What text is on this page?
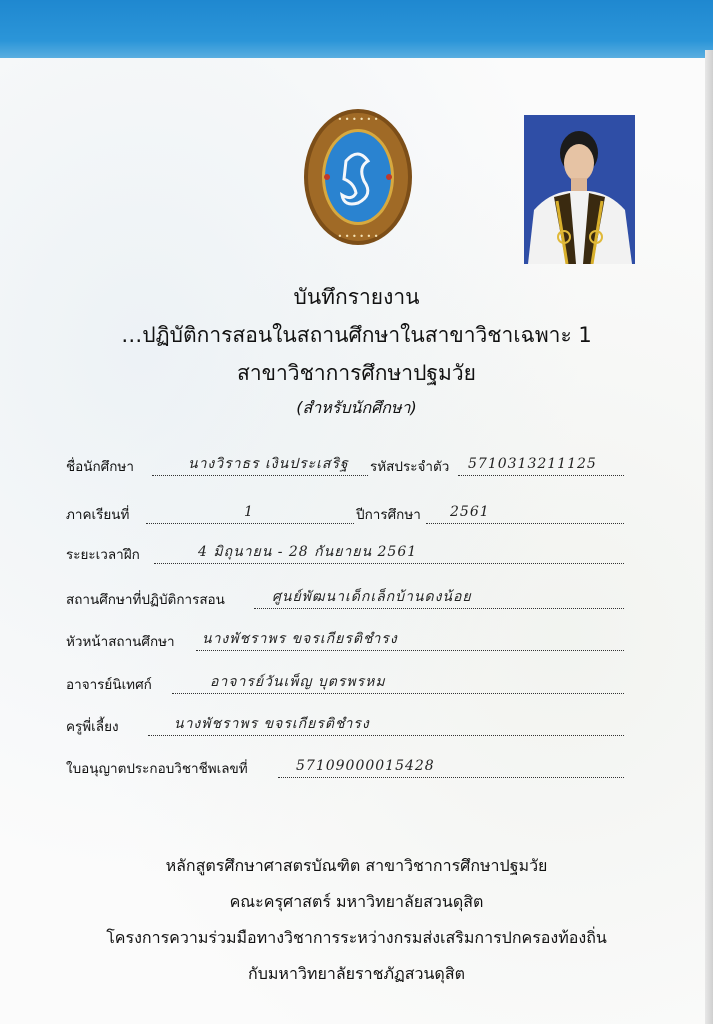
• • • • • •
• • • • • •
บันทึกรายงาน
…ปฏิบัติการสอนในสถานศึกษาในสาขาวิชาเฉพาะ 1
สาขาวิชาการศึกษาปฐมวัย
(สำหรับนักศึกษา)
ชื่อนักศึกษา	นางวิราธร เงินประเสริฐ รหัสประจำตัว 5710313211125
ภาคเรียนที่	1	ปีการศึกษา 2561
ระยะเวลาฝึก	4 มิถุนายน - 28 กันยายน 2561
สถานศึกษาที่ปฏิบัติการสอน	ศูนย์พัฒนาเด็กเล็กบ้านดงน้อย
หัวหน้าสถานศึกษา นางพัชราพร ขจรเกียรติชำรง
อาจารย์นิเทศก์	อาจารย์วันเพ็ญ บุตรพรหม
ครูพี่เลี้ยง	นางพัชราพร ขจรเกียรติชำรง
ใบอนุญาตประกอบวิชาชีพเลขที่	57109000015428
หลักสูตรศึกษาศาสตรบัณฑิต สาขาวิชาการศึกษาปฐมวัย
คณะครุศาสตร์ มหาวิทยาลัยสวนดุสิต
โครงการความร่วมมือทางวิชาการระหว่างกรมส่งเสริมการปกครองท้องถิ่น
กับมหาวิทยาลัยราชภัฏสวนดุสิต
